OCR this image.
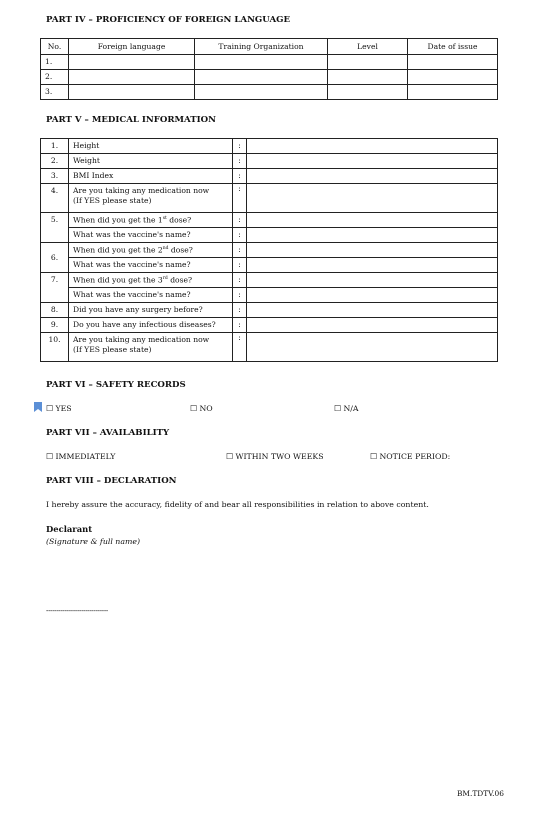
PART IV – PROFICIENCY OF FOREIGN LANGUAGE
No.	Foreign language	Training Organization	Level	Date of issue
1.				
2.				
3.				
PART V – MEDICAL INFORMATION
1.	Height	:	
2.	Weight	:	
3.	BMI Index	:	
4.	Are you taking any medication now
(If YES please state)	:	
5.	When did you get the 1st dose?	:	
	What was the vaccine's name?	:	
6.	When did you get the 2nd dose?	:	
	What was the vaccine's name?	:	
7.	When did you get the 3rd dose?	:	
	What was the vaccine's name?	:	
8.	Did you have any surgery before?	:	
9.	Do you have any infectious diseases?	:	
10.	Are you taking any medication now
(If YES please state)	:	
PART VI – SAFETY RECORDS
☐ YES	☐ NO	☐ N/A
PART VII – AVAILABILITY
☐ IMMEDIATELY	☐ WITHIN TWO WEEKS	☐ NOTICE PERIOD:
PART VIII – DECLARATION
I hereby assure the accuracy, fidelity of and bear all responsibilities in relation to above content.
Declarant
(Signature & full name)
------------------------------
BM.TDTV.06
